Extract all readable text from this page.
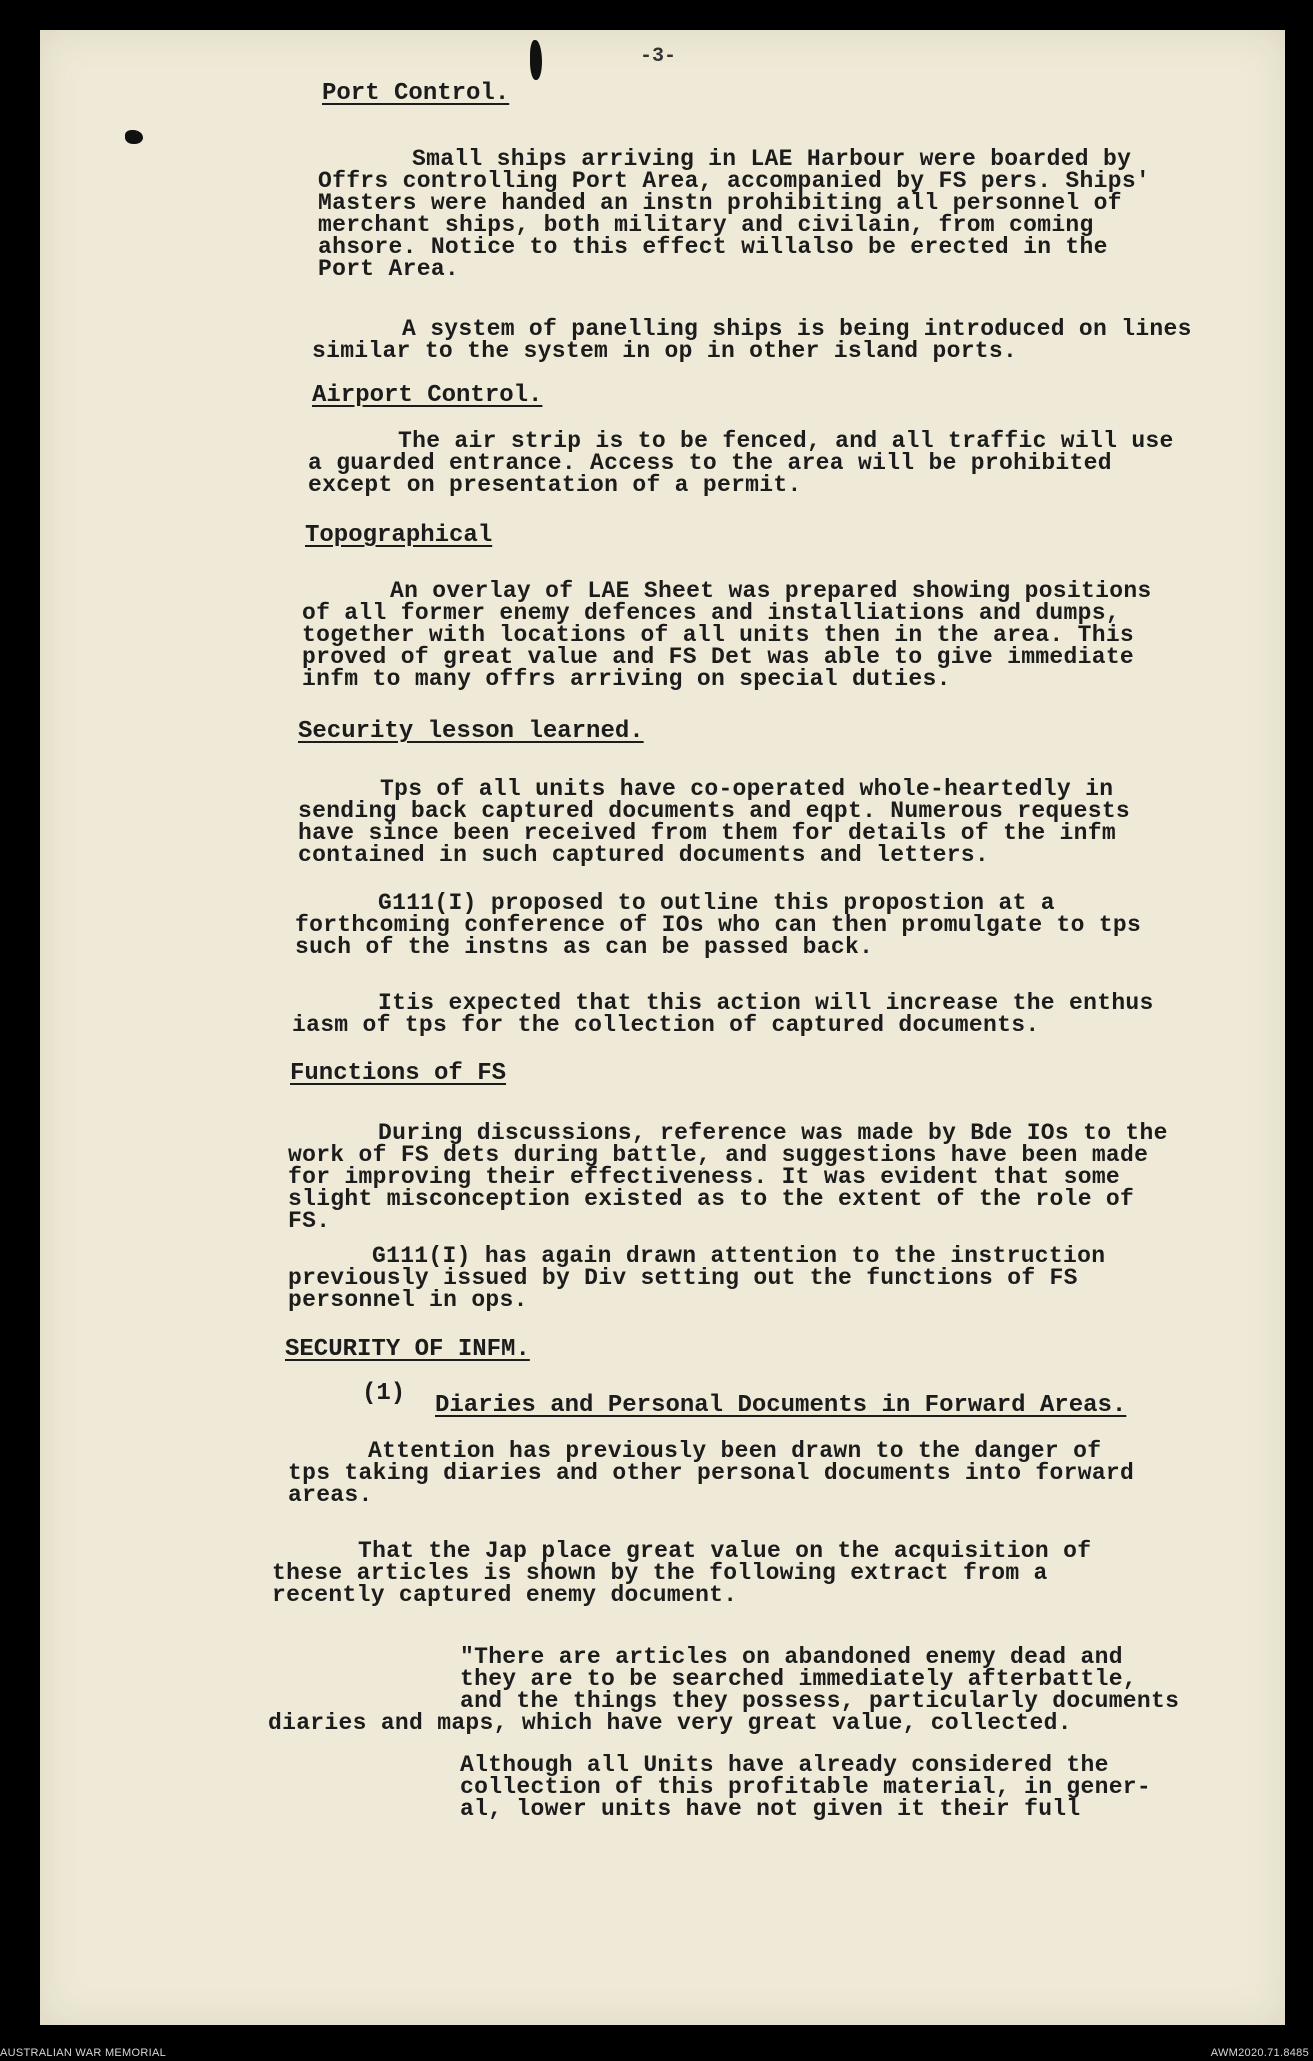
-3-
Port Control.
Small ships arriving in LAE Harbour were boarded by
Offrs controlling Port Area, accompanied by FS pers. Ships'
Masters were handed an instn prohibiting all personnel of
merchant ships, both military and civilain, from coming
ahsore. Notice to this effect willalso be erected in the
Port Area.
A system of panelling ships is being introduced on lines
similar to the system in op in other island ports.
Airport Control.
The air strip is to be fenced, and all traffic will use
a guarded entrance. Access to the area will be prohibited
except on presentation of a permit.
Topographical
An overlay of LAE Sheet was prepared showing positions
of all former enemy defences and installiations and dumps,
together with locations of all units then in the area. This
proved of great value and FS Det was able to give immediate
infm to many offrs arriving on special duties.
Security lesson learned.
Tps of all units have co-operated whole-heartedly in
sending back captured documents and eqpt. Numerous requests
have since been received from them for details of the infm
contained in such captured documents and letters.
G111(I) proposed to outline this propostion at a
forthcoming conference of IOs who can then promulgate to tps
such of the instns as can be passed back.
Itis expected that this action will increase the enthus
iasm of tps for the collection of captured documents.
Functions of FS
During discussions, reference was made by Bde IOs to the
work of FS dets during battle, and suggestions have been made
for improving their effectiveness. It was evident that some
slight misconception existed as to the extent of the role of
FS.
G111(I) has again drawn attention to the instruction
previously issued by Div setting out the functions of FS
personnel in ops.
SECURITY OF INFM.
(1) Diaries and Personal Documents in Forward Areas.
Attention has previously been drawn to the danger of
tps taking diaries and other personal documents into forward
areas.
That the Jap place great value on the acquisition of
these articles is shown by the following extract from a
recently captured enemy document.
"There are articles on abandoned enemy dead and
they are to be searched immediately afterbattle,
and the things they possess, particularly documents
diaries and maps, which have very great value, collected.
Although all Units have already considered the
collection of this profitable material, in gener-
al, lower units have not given it their full
AUSTRALIAN WAR MEMORIAL	AWM2020.71.8485
